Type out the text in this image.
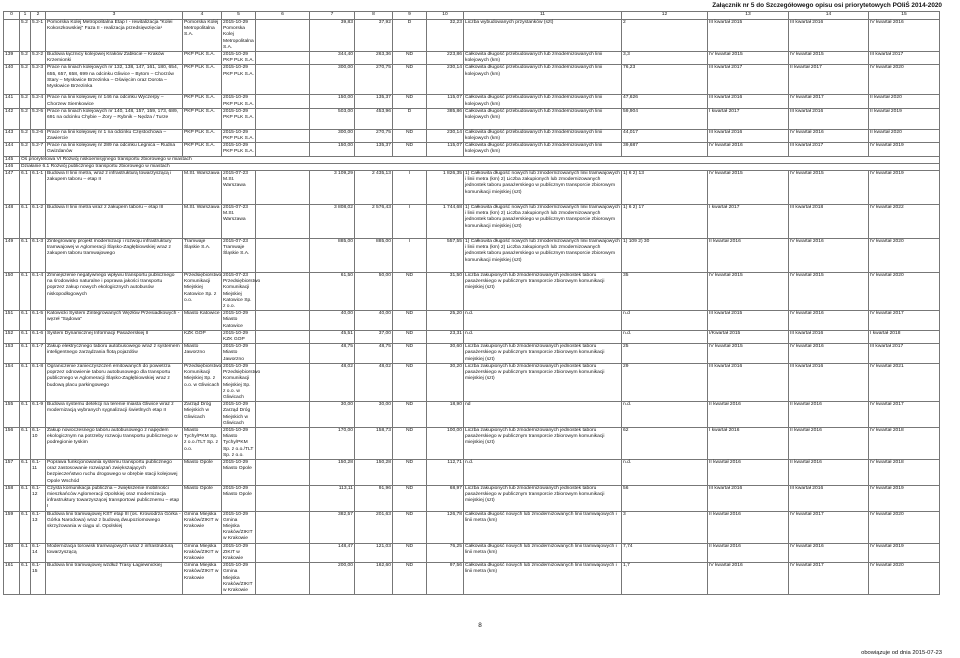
Załącznik nr 5 do Szczegółowego opisu osi priorytetowych POIiŚ 2014-2020
0	1	2	3	4	5	6	7	8	9	10	11	12	13	14	15
	5.2	5.2-1	Pomorska Kolej Metropolitalna Etap I - rewitalizacja "Kolei Kokoszkowskiej" Faza II - realizacja przedsięwzięcia¹	Pomorska Kolej Metropolitalna S.A.	2015-10-29 Pomorska Kolej Metropolitalna S.A.		39,83	37,92	D	32,23	Liczba wybudowanych przystanków (szt)	2	III kwartał 2015	III kwartał 2016	IV kwartał 2016
139	5.2	5.2-2	Budowa łącznicy kolejowej Kraków Zabłocie – Kraków Krzemionki	PKP PLK S.A.	2015-10-29 PKP PLK S.A.		344,40	263,36	ND	223,86	Całkowita długość przebudowanych lub zmodernizowanych linii kolejowych (km)	3,3	IV kwartał 2015	IV kwartał 2015	III kwartał 2017
140	5.2	5.2-3	Prace na liniach kolejowych nr 132, 138, 147, 161, 180, 654, 655, 657, 658, 699 na odcinku Gliwice – Bytom – Chorzów Stary – Mysłowice Brzezinka – Oświęcim oraz Dorota – Mysłowice Brzezinka	PKP PLK S.A.	2015-10-29 PKP PLK S.A.		300,00	270,75	ND	230,14	Całkowita długość przebudowanych lub zmodernizowanych linii kolejowych (km)	76,23	III kwartał 2017	II kwartał 2017	IV kwartał 2020
141	5.2	5.2-4	Prace na linii kolejowej nr 146 na odcinku Wyczerpy – Chorzew Siemkowice	PKP PLK S.A.	2015-10-29 PKP PLK S.A.		150,00	135,37	ND	115,07	Całkowita długość przebudowanych lub zmodernizowanych linii kolejowych (km)	47,626	III kwartał 2016	IV kwartał 2017	II kwartał 2020
142	5.2	5.2-5	Prace na liniach kolejowych nr 140, 148, 157, 159, 173, 689, 691 na odcinku Chybie – Żory – Rybnik – Nędza / Turze	PKP PLK S.A.	2015-10-29 PKP PLK S.A.		503,00	453,96	D	385,86	Całkowita długość przebudowanych lub zmodernizowanych linii kolejowych (km)	59,904	I kwartał 2017	III kwartał 2016	II kwartał 2019
143	5.2	5.2-6	Prace na linii kolejowej nr 1 na odcinku Częstochowa – Zawiercie	PKP PLK S.A.	2015-10-29 PKP PLK S.A.		300,00	270,75	ND	230,14	Całkowita długość przebudowanych lub zmodernizowanych linii kolejowych (km)	44,017	III kwartał 2016	IV kwartał 2016	II kwartał 2020
144	5.2	5.2-7	Prace na linii kolejowej nr 289 na odcinku Legnica – Rudna Gwizdanów	PKP PLK S.A.	2015-10-29 PKP PLK S.A.		150,00	135,37	ND	115,07	Całkowita długość przebudowanych lub zmodernizowanych linii kolejowych (km)	39,687	IV kwartał 2016	III kwartał 2017	IV kwartał 2019
145	Oś priorytetowa VI Rozwój niskoemisyjnego transportu zbiorowego w miastach														
146	Działanie 6.1 Rozwój publicznego transportu zbiorowego w miastach														
147	6.1	6.1-1	Budowa II linii metra, wraz z infrastrukturą towarzyszącą i zakupem taboru – etap II	M.St. Warszawa	2015-07-23 M.St. Warszawa		3 109,29	2 435,13	I	1 826,35	1) Całkowita długość nowych lub zmodernizowanych linii tramwajowych i linii metra (km) 2) Liczba zakupionych lub zmodernizowanych jednostek taboru pasażerskiego w publicznym transporcie zbiorowym komunikacji miejskiej (szt)	1) 6 2) 13	IV kwartał 2015	IV kwartał 2015	IV kwartał 2019
148	6.1	6.1-2	Budowa II linii metra wraz z zakupem taboru – etap III	M.St. Warszawa	2015-07-23 M.St. Warszawa		3 808,02	2 576,43	I	1 744,68	1) Całkowita długość nowych lub zmodernizowanych linii tramwajowych i linii metra (km) 2) Liczba zakupionych lub zmodernizowanych jednostek taboru pasażerskiego w publicznym transporcie zbiorowym komunikacji miejskiej (szt)	1) 6 2) 17	I kwartał 2017	III kwartał 2018	IV kwartał 2022
149	6.1	6.1-3	Zintegrowany projekt modernizacji i rozwoju infrastruktury tramwajowej w Aglomeracji Śląsko-Zagłębiowskiej wraz z zakupem taboru tramwajowego	Tramwaje Śląskie S.A.	2015-07-23 Tramwaje Śląskie S.A.		885,00	885,00	I	557,55	1) Całkowita długość nowych lub zmodernizowanych linii tramwajowych i linii metra (km) 2) Liczba zakupionych lub zmodernizowanych jednostek taboru pasażerskiego w publicznym transporcie zbiorowym komunikacji miejskiej (szt)	1) 109 2) 30	II kwartał 2016	IV kwartał 2016	IV kwartał 2020
150	6.1	6.1-4	Zmniejszenie negatywnego wpływu transportu publicznego na środowisko naturalne i poprawa jakości transportu poprzez zakup nowych ekologicznych autobusów niskopodłogowych	Przedsiębiorstwo Komunikacji Miejskiej Katowice Sp. z o.o.	2015-07-23 Przedsiębiorstwo Komunikacji Miejskiej Katowice Sp. z o.o.		61,50	50,00	ND	31,50	Liczba zakupionych lub zmodernizowanych jednostek taboru pasażerskiego w publicznym transporcie zbiorowym komunikacji miejskiej (szt)	35	IV kwartał 2015	IV kwartał 2015	IV kwartał 2020
151	6.1	6.1-5	Katowicki System Zintegrowanych Węzłów Przesiadkowych - węzeł "Sądowa"	Miasto Katowice	2015-10-29 Miasto Katowice		40,00	40,00	ND	25,20	n.d.	n.d	III kwartał 2015	IV kwartał 2016	IV kwartał 2017
152	6.1	6.1-6	System Dynamicznej Informacji Pasażerskiej II	KZK GOP	2015-10-29 KZK GOP		45,51	37,00	ND	23,31	n.d.	n.d.	I/Kwartał 2015	III kwartał 2016	I kwartał 2018
153	6.1	6.1-7	Zakup elektrycznego taboru autobusowego wraz z systemem inteligentnego zarządzania flotą pojazdów	Miasto Jaworzno	2015-10-29 Miasto Jaworzno		48,75	48,75	ND	30,60	Liczba zakupionych lub zmodernizowanych jednostek taboru pasażerskiego w publicznym transporcie zbiorowym komunikacji miejskiej (szt)	25	IV kwartał 2015	IV kwartał 2016	III kwartał 2017
154	6.1	6.1-8	Ograniczenie zanieczyszczeń emitowanych do powietrza poprzez odnowienie taboru autobusowego dla transportu publicznego w Aglomeracji Śląsko-Zagłębiowskiej wraz z budową placu parkingowego	Przedsiębiorstwo Komunikacji Miejskiej Sp. z o.o. w Gliwicach	2015-10-29 Przedsiębiorstwo Komunikacji Miejskiej Sp. z o.o. w Gliwicach		48,02	48,02	ND	30,20	Liczba zakupionych lub zmodernizowanych jednostek taboru pasażerskiego w publicznym transporcie zbiorowym komunikacji miejskiej (szt)	29	III kwartał 2016	III kwartał 2016	IV kwartał 2021
155	6.1	6.1-9	Budowa systemu detekcji na terenie miasta Gliwice wraz z modernizacją wybranych sygnalizacji świetlnych etap II	Zarząd Dróg Miejskich w Gliwicach	2015-10-29 Zarząd Dróg Miejskich w Gliwicach		30,00	30,00	ND	18,90	nd	n.d.	II kwartał 2016	II kwartał 2016	IV kwartał 2017
156	6.1	6.1-10	Zakup nowoczesnego taboru autobusowego z napędem ekologicznym na potrzeby rozwoju transportu publicznego w podregionie tyskim	Miasto Tychy/PKM Sp. z o.o./TLT Sp. z o.o.	2015-10-29 Miasto Tychy/PKM Sp. z o.o./TLT Sp. z o.o.		170,00	158,73	ND	100,00	Liczba zakupionych lub zmodernizowanych jednostek taboru pasażerskiego w publicznym transporcie zbiorowym komunikacji miejskiej (szt)	62	I kwartał 2016	II kwartał 2016	IV kwartał 2018
157	6.1	6.1-11	Poprawa funkcjonowania systemu transportu publicznego oraz zastosowanie rozwiązań zwiększających bezpieczeństwo ruchu drogowego w obrębie stacji kolejowej Opole Wschód	Miasto Opole	2015-10-29 Miasto Opole		150,28	150,28	ND	112,71	n.d.	n.d.	II kwartał 2016	II kwartał 2016	IV kwartał 2018
158	6.1	6.1-12	Czysta komunikacja publiczna – zwiększenie mobilności mieszkańców Aglomeracji Opolskiej oraz modernizacja infrastruktury towarzyszącej transportowi publicznemu – etap I	Miasto Opole	2015-10-29 Miasto Opole		113,11	91,96	ND	68,97	Liczba zakupionych lub zmodernizowanych jednostek taboru pasażerskiego w publicznym transporcie zbiorowym komunikacji miejskiej (szt)	56	III kwartał 2016	III kwartał 2016	IV kwartał 2019
159	6.1	6.1-13	Budowa linii tramwajowej KST etap III (os. Krowodrza Górka - Górka Narodowa) wraz z budową dwupoziomowego skrzyżowania w ciągu ul. Opolskiej	Gmina Miejska Kraków/ZIKIT w Krakowie	2015-10-29 Gmina Miejska Kraków/ZIKIT w Krakowie		382,57	201,63	ND	126,78	Całkowita długość nowych lub zmodernizowanych linii tramwajowych i linii metra (km)	3	II kwartał 2016	IV kwartał 2017	IV kwartał 2020
160	6.1	6.1-14	Modernizacja torowisk tramwajowych wraz z infrastrukturą towarzyszącą	Gmina Miejska Kraków/ZIKIT w Krakowie	2015-10-29 ZIKIT w Krakowie		148,47	121,03	ND	76,25	Całkowita długość nowych lub zmodernizowanych linii tramwajowych i linii metra (km)	7,74	II kwartał 2016	IV kwartał 2016	IV kwartał 2019
161	6.1	6.1-15	Budowa linii tramwajowej wzdłuż Trasy Łagiewnickiej	Gmina Miejska Kraków/ZIKIT w Krakowie	2015-10-29 Gmina Miejska Kraków/ZIKIT w Krakowie		200,00	162,60	ND	97,56	Całkowita długość nowych lub zmodernizowanych linii tramwajowych i linii metra (km)	1,7	IV kwartał 2016	IV kwartał 2017	IV kwartał 2020
8
obowiązuje od dnia 2015-07-23
